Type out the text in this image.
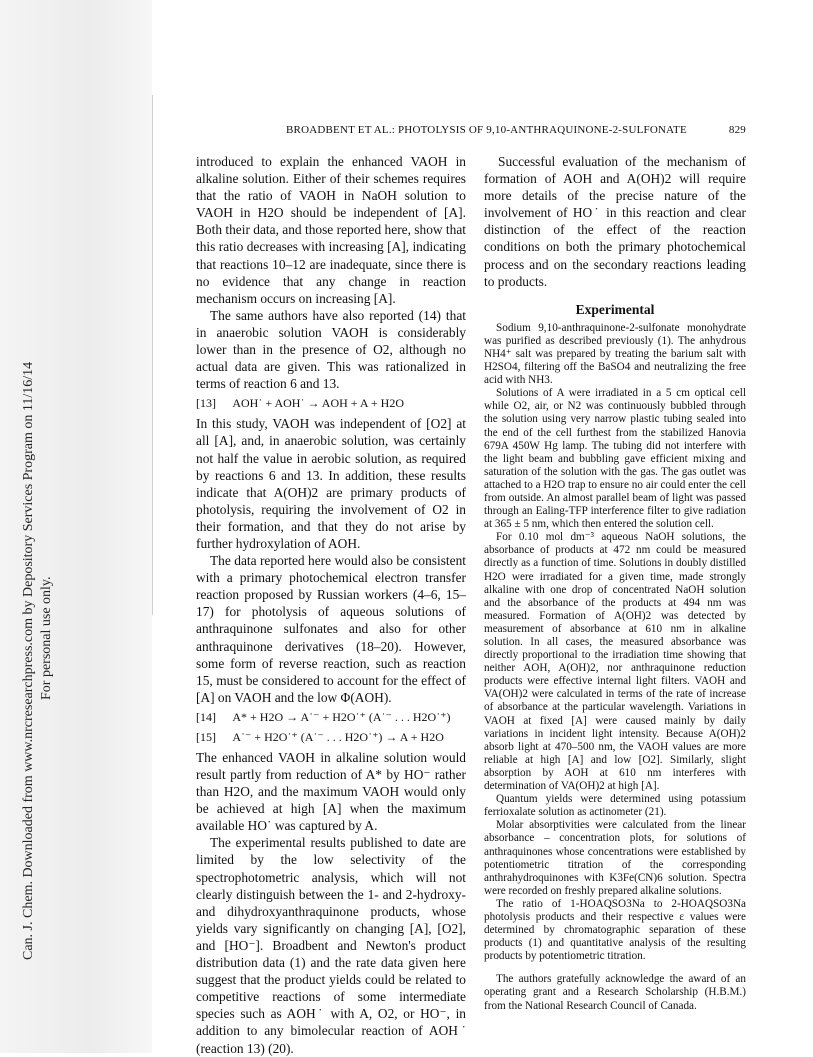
Can. J. Chem. Downloaded from www.nrcresearchpress.com by Depository Services Program on 11/16/14 For personal use only.
BROADBENT ET AL.: PHOTOLYSIS OF 9,10-ANTHRAQUINONE-2-SULFONATE	829

introduced to explain the enhanced VAOH in alkaline solution. Either of their schemes requires that the ratio of VAOH in NaOH solution to VAOH in H2O should be independent of [A]. Both their data, and those reported here, show that this ratio decreases with increasing [A], indicating that reactions 10–12 are inadequate, since there is no evidence that any change in reaction mechanism occurs on increasing [A].

The same authors have also reported (14) that in anaerobic solution VAOH is considerably lower than in the presence of O2, although no actual data are given. This was rationalized in terms of reaction 6 and 13.

[13] AOH˙ + AOH˙ → AOH + A + H2O

In this study, VAOH was independent of [O2] at all [A], and, in anaerobic solution, was certainly not half the value in aerobic solution, as required by reactions 6 and 13. In addition, these results indicate that A(OH)2 are primary products of photolysis, requiring the involvement of O2 in their formation, and that they do not arise by further hydroxylation of AOH.

The data reported here would also be consistent with a primary photochemical electron transfer reaction proposed by Russian workers (4–6, 15–17) for photolysis of aqueous solutions of anthraquinone sulfonates and also for other anthraquinone derivatives (18–20). However, some form of reverse reaction, such as reaction 15, must be considered to account for the effect of [A] on VAOH and the low Φ(AOH).

[14] A* + H2O → A˙⁻ + H2O˙⁺ (A˙⁻ . . . H2O˙⁺)
[15] A˙⁻ + H2O˙⁺ (A˙⁻ . . . H2O˙⁺) → A + H2O

The enhanced VAOH in alkaline solution would result partly from reduction of A* by HO⁻ rather than H2O, and the maximum VAOH would only be achieved at high [A] when the maximum available HO˙ was captured by A.

The experimental results published to date are limited by the low selectivity of the spectrophotometric analysis, which will not clearly distinguish between the 1- and 2-hydroxy- and dihydroxyanthraquinone products, whose yields vary significantly on changing [A], [O2], and [HO⁻]. Broadbent and Newton's product distribution data (1) and the rate data given here suggest that the product yields could be related to competitive reactions of some intermediate species such as AOH˙ with A, O2, or HO⁻, in addition to any bimolecular reaction of AOH˙ (reaction 13) (20).

Successful evaluation of the mechanism of formation of AOH and A(OH)2 will require more details of the precise nature of the involvement of HO˙ in this reaction and clear distinction of the effect of the reaction conditions on both the primary photochemical process and on the secondary reactions leading to products.

Experimental

Sodium 9,10-anthraquinone-2-sulfonate monohydrate was purified as described previously (1). The anhydrous NH4⁺ salt was prepared by treating the barium salt with H2SO4, filtering off the BaSO4 and neutralizing the free acid with NH3.

Solutions of A were irradiated in a 5 cm optical cell while O2, air, or N2 was continuously bubbled through the solution using very narrow plastic tubing sealed into the end of the cell furthest from the stabilized Hanovia 679A 450W Hg lamp. The tubing did not interfere with the light beam and bubbling gave efficient mixing and saturation of the solution with the gas. The gas outlet was attached to a H2O trap to ensure no air could enter the cell from outside. An almost parallel beam of light was passed through an Ealing-TFP interference filter to give radiation at 365 ± 5 nm, which then entered the solution cell.

For 0.10 mol dm⁻³ aqueous NaOH solutions, the absorbance of products at 472 nm could be measured directly as a function of time. Solutions in doubly distilled H2O were irradiated for a given time, made strongly alkaline with one drop of concentrated NaOH solution and the absorbance of the products at 494 nm was measured. Formation of A(OH)2 was detected by measurement of absorbance at 610 nm in alkaline solution. In all cases, the measured absorbance was directly proportional to the irradiation time showing that neither AOH, A(OH)2, nor anthraquinone reduction products were effective internal light filters. VAOH and VA(OH)2 were calculated in terms of the rate of increase of absorbance at the particular wavelength. Variations in VAOH at fixed [A] were caused mainly by daily variations in incident light intensity. Because A(OH)2 absorb light at 470–500 nm, the VAOH values are more reliable at high [A] and low [O2]. Similarly, slight absorption by AOH at 610 nm interferes with determination of VA(OH)2 at high [A].

Quantum yields were determined using potassium ferrioxalate solution as actinometer (21).

Molar absorptivities were calculated from the linear absorbance – concentration plots, for solutions of anthraquinones whose concentrations were established by potentiometric titration of the corresponding anthrahydroquinones with K3Fe(CN)6 solution. Spectra were recorded on freshly prepared alkaline solutions.

The ratio of 1-HOAQSO3Na to 2-HOAQSO3Na photolysis products and their respective ε values were determined by chromatographic separation of these products (1) and quantitative analysis of the resulting products by potentiometric titration.

The authors gratefully acknowledge the award of an operating grant and a Research Scholarship (H.B.M.) from the National Research Council of Canada.
